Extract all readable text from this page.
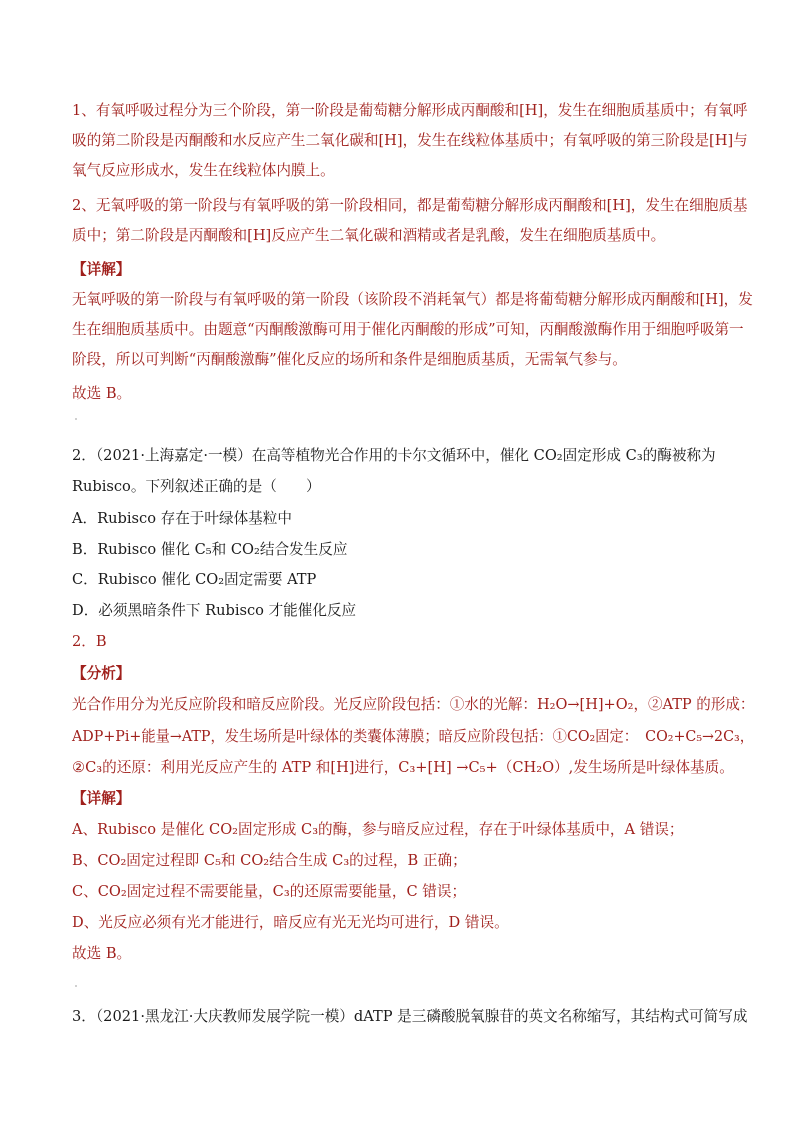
1、有氧呼吸过程分为三个阶段，第一阶段是葡萄糖分解形成丙酮酸和[H]，发生在细胞质基质中；有氧呼
吸的第二阶段是丙酮酸和水反应产生二氧化碳和[H]，发生在线粒体基质中；有氧呼吸的第三阶段是[H]与
氧气反应形成水，发生在线粒体内膜上。
2、无氧呼吸的第一阶段与有氧呼吸的第一阶段相同，都是葡萄糖分解形成丙酮酸和[H]，发生在细胞质基
质中；第二阶段是丙酮酸和[H]反应产生二氧化碳和酒精或者是乳酸，发生在细胞质基质中。
【详解】
无氧呼吸的第一阶段与有氧呼吸的第一阶段（该阶段不消耗氧气）都是将葡萄糖分解形成丙酮酸和[H]，发
生在细胞质基质中。由题意“丙酮酸激酶可用于催化丙酮酸的形成”可知，丙酮酸激酶作用于细胞呼吸第一
阶段，所以可判断“丙酮酸激酶”催化反应的场所和条件是细胞质基质，无需氧气参与。
故选 B。
2．（2021·上海嘉定·一模）在高等植物光合作用的卡尔文循环中，催化 CO₂固定形成 C₃的酶被称为
Rubisco。下列叙述正确的是（　　）
A．Rubisco 存在于叶绿体基粒中
B．Rubisco 催化 C₅和 CO₂结合发生反应
C．Rubisco 催化 CO₂固定需要 ATP
D．必须黑暗条件下 Rubisco 才能催化反应
2．B
【分析】
光合作用分为光反应阶段和暗反应阶段。光反应阶段包括：①水的光解：H₂O→[H]+O₂，②ATP 的形成：
ADP+Pi+能量→ATP，发生场所是叶绿体的类囊体薄膜；暗反应阶段包括：①CO₂固定：　CO₂+C₅→2C₃，
②C₃的还原：利用光反应产生的 ATP 和[H]进行，C₃+[H] →C₅+（CH₂O）,发生场所是叶绿体基质。
【详解】
A、Rubisco 是催化 CO₂固定形成 C₃的酶，参与暗反应过程，存在于叶绿体基质中，A 错误；
B、CO₂固定过程即 C₅和 CO₂结合生成 C₃的过程，B 正确；
C、CO₂固定过程不需要能量，C₃的还原需要能量，C 错误；
D、光反应必须有光才能进行，暗反应有光无光均可进行，D 错误。
故选 B。
3．（2021·黑龙江·大庆教师发展学院一模）dATP 是三磷酸脱氧腺苷的英文名称缩写，其结构式可简写成
